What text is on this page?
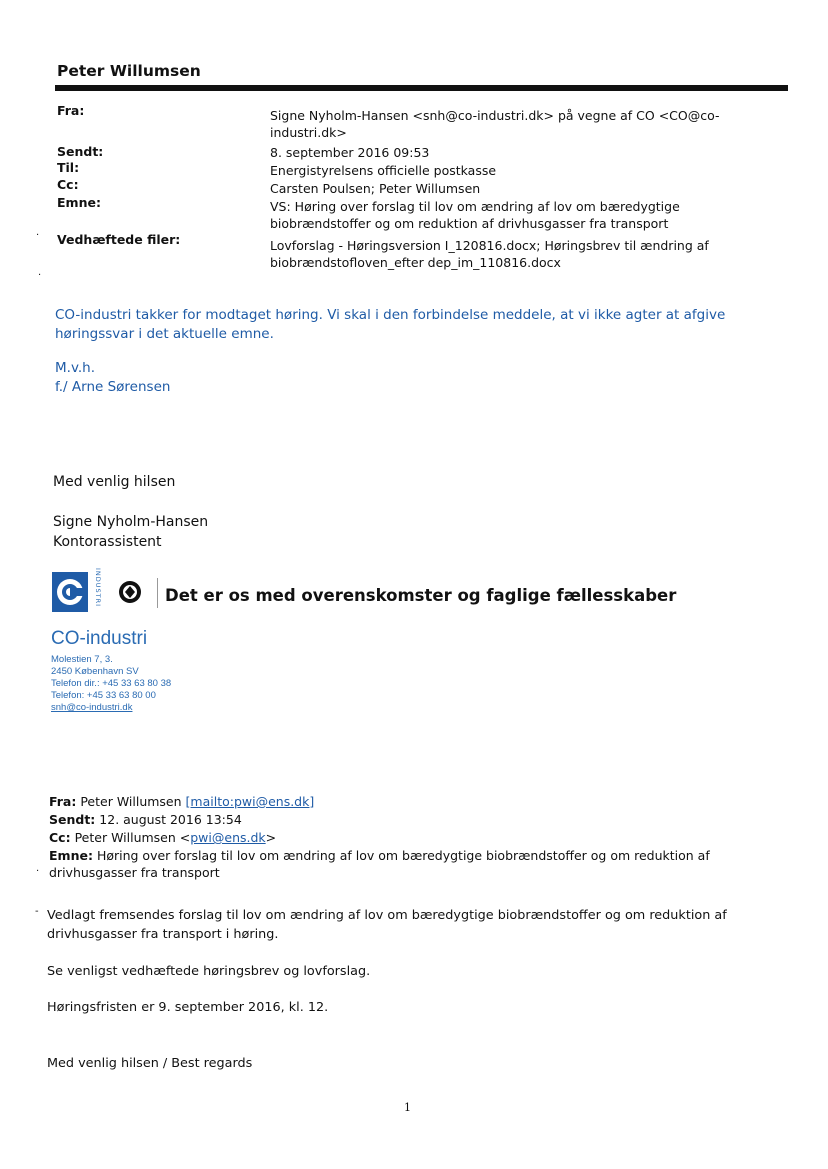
Peter Willumsen
Fra:	Signe Nyholm-Hansen <snh@co-industri.dk> på vegne af CO <CO@co-industri.dk>
Sendt:	8. september 2016 09:53
Til:	Energistyrelsens officielle postkasse
Cc:	Carsten Poulsen; Peter Willumsen
Emne:	VS: Høring over forslag til lov om ændring af lov om bæredygtige biobrændstoffer og om reduktion af drivhusgasser fra transport
· Vedhæftede filer:	Lovforslag - Høringsversion I_120816.docx; Høringsbrev til ændring af biobrændstofloven_efter dep_im_110816.docx
·
CO-industri takker for modtaget høring. Vi skal i den forbindelse meddele, at vi ikke agter at afgive høringssvar i det aktuelle emne.
M.v.h.
f./ Arne Sørensen
Med venlig hilsen
Signe Nyholm-Hansen
Kontorassistent
INDUSTRI	Det er os med overenskomster og faglige fællesskaber
CO-industri
Molestien 7, 3.
2450 København SV
Telefon dir.: +45 33 63 80 38
Telefon: +45 33 63 80 00
snh@co-industri.dk
Fra: Peter Willumsen [mailto:pwi@ens.dk]
Sendt: 12. august 2016 13:54
Cc: Peter Willumsen <pwi@ens.dk>
Emne: Høring over forslag til lov om ændring af lov om bæredygtige biobrændstoffer og om reduktion af drivhusgasser fra transport
·
- Vedlagt fremsendes forslag til lov om ændring af lov om bæredygtige biobrændstoffer og om reduktion af drivhusgasser fra transport i høring.
Se venligst vedhæftede høringsbrev og lovforslag.
Høringsfristen er 9. september 2016, kl. 12.
Med venlig hilsen / Best regards
1
